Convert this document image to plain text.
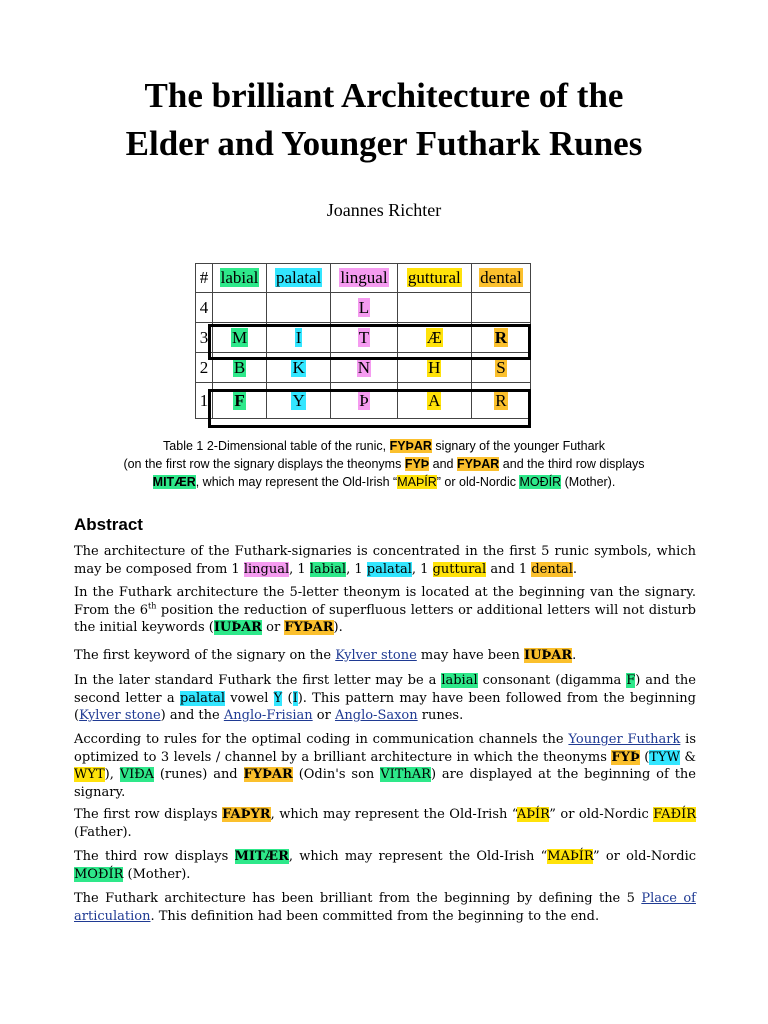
The brilliant Architecture of the
Elder and Younger Futhark Runes
Joannes Richter
#	labial	palatal	lingual	guttural	dental
4			L		
3	M	I	T	Æ	R
2	B	K	N	H	S
1	F	Y	Þ	A	R
Table 1 2-Dimensional table of the runic, FYÞAR signary of the younger Futhark
(on the first row the signary displays the theonyms FYÞ and FYÞAR and the third row displays
MITÆR, which may represent the Old-Irish “MAÞÍR” or old-Nordic MOÐÍR (Mother).
Abstract
The architecture of the Futhark-signaries is concentrated in the first 5 runic symbols, which may be composed from 1 lingual, 1 labial, 1 palatal, 1 guttural and 1 dental.
In the Futhark architecture the 5-letter theonym is located at the beginning van the signary. From the 6th position the reduction of superfluous letters or additional letters will not disturb the initial keywords (IUÞAR or FYÞAR).
The first keyword of the signary on the Kylver stone may have been IUÞAR.
In the later standard Futhark the first letter may be a labial consonant (digamma F) and the second letter a palatal vowel Y (I). This pattern may have been followed from the beginning (Kylver stone) and the Anglo-Frisian or Anglo-Saxon runes.
According to rules for the optimal coding in communication channels the Younger Futhark is optimized to 3 levels / channel by a brilliant architecture in which the theonyms FYÞ (TYW & WYT), VIÐA (runes) and FYÞAR (Odin's son VIThAR) are displayed at the beginning of the signary.
The first row displays FAÞYR, which may represent the Old-Irish “AÞÍR” or old-Nordic FAÐÍR (Father).
The third row displays MITÆR, which may represent the Old-Irish “MAÞÍR” or old-Nordic MOÐÍR (Mother).
The Futhark architecture has been brilliant from the beginning by defining the 5 Place of articulation. This definition had been committed from the beginning to the end.
